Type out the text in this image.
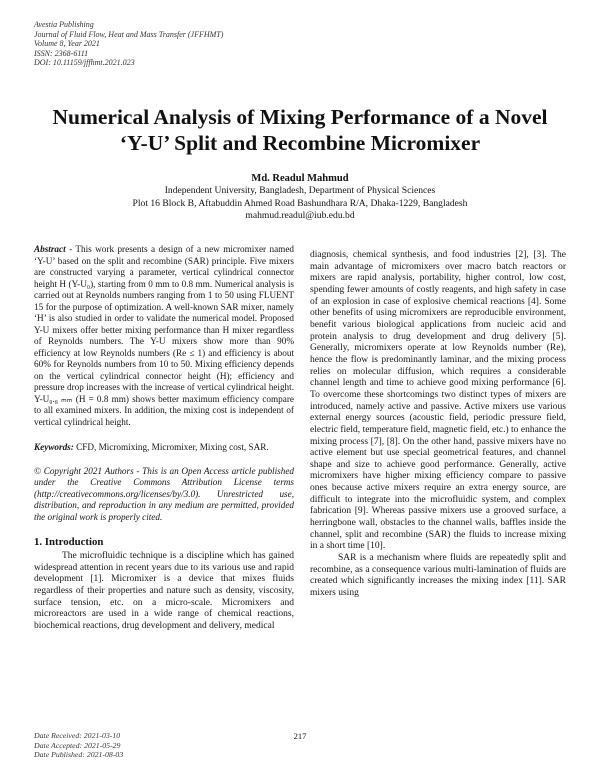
Avestia Publishing
Journal of Fluid Flow, Heat and Mass Transfer (JFFHMT)
Volume 8, Year 2021
ISSN: 2368-6111
DOI: 10.11159/jffhmt.2021.023
Numerical Analysis of Mixing Performance of a Novel
‘Y-U’ Split and Recombine Micromixer
Md. Readul Mahmud
Independent University, Bangladesh, Department of Physical Sciences
Plot 16 Block B, Aftabuddin Ahmed Road Bashundhara R/A, Dhaka-1229, Bangladesh
mahmud.readul@iub.edu.bd

Abstract - This work presents a design of a new micromixer named ‘Y-U’ based on the split and recombine (SAR) principle. Five mixers are constructed varying a parameter, vertical cylindrical connector height H (Y-U₀), starting from 0 mm to 0.8 mm. Numerical analysis is carried out at Reynolds numbers ranging from 1 to 50 using FLUENT 15 for the purpose of optimization. A well-known SAR mixer, namely ‘H’ is also studied in order to validate the numerical model. Proposed Y-U mixers offer better mixing performance than H mixer regardless of Reynolds numbers. The Y-U mixers show more than 90% efficiency at low Reynolds numbers (Re ≤ 1) and efficiency is about 60% for Reynolds numbers from 10 to 50. Mixing efficiency depends on the vertical cylindrical connector height (H); efficiency and pressure drop increases with the increase of vertical cylindrical height. Y-U₀.₈ ₘₘ (H = 0.8 mm) shows better maximum efficiency compare to all examined mixers. In addition, the mixing cost is independent of vertical cylindrical height.

Keywords: CFD, Micromixing, Micromixer, Mixing cost, SAR.

© Copyright 2021 Authors - This is an Open Access article published under the Creative Commons Attribution License terms (http://creativecommons.org/licenses/by/3.0). Unrestricted use, distribution, and reproduction in any medium are permitted, provided the original work is properly cited.

1. Introduction

The microfluidic technique is a discipline which has gained widespread attention in recent years due to its various use and rapid development [1]. Micromixer is a device that mixes fluids regardless of their properties and nature such as density, viscosity, surface tension, etc. on a micro-scale. Micromixers and microreactors are used in a wide range of chemical reactions, biochemical reactions, drug development and delivery, medical

diagnosis, chemical synthesis, and food industries [2], [3]. The main advantage of micromixers over macro batch reactors or mixers are rapid analysis, portability, higher control, low cost, spending fewer amounts of costly reagents, and high safety in case of an explosion in case of explosive chemical reactions [4]. Some other benefits of using micromixers are reproducible environment, benefit various biological applications from nucleic acid and protein analysis to drug development and drug delivery [5]. Generally, micromixers operate at low Reynolds number (Re), hence the flow is predominantly laminar, and the mixing process relies on molecular diffusion, which requires a considerable channel length and time to achieve good mixing performance [6]. To overcome these shortcomings two distinct types of mixers are introduced, namely active and passive. Active mixers use various external energy sources (acoustic field, periodic pressure field, electric field, temperature field, magnetic field, etc.) to enhance the mixing process [7], [8]. On the other hand, passive mixers have no active element but use special geometrical features, and channel shape and size to achieve good performance. Generally, active micromixers have higher mixing efficiency compare to passive ones because active mixers require an extra energy source, are difficult to integrate into the microfluidic system, and complex fabrication [9]. Whereas passive mixers use a grooved surface, a herringbone wall, obstacles to the channel walls, baffles inside the channel, split and recombine (SAR) the fluids to increase mixing in a short time [10].

SAR is a mechanism where fluids are repeatedly split and recombine, as a consequence various multi-lamination of fluids are created which significantly increases the mixing index [11]. SAR mixers using

Date Received: 2021-03-10
Date Accepted: 2021-05-29
Date Published: 2021-08-03
217
